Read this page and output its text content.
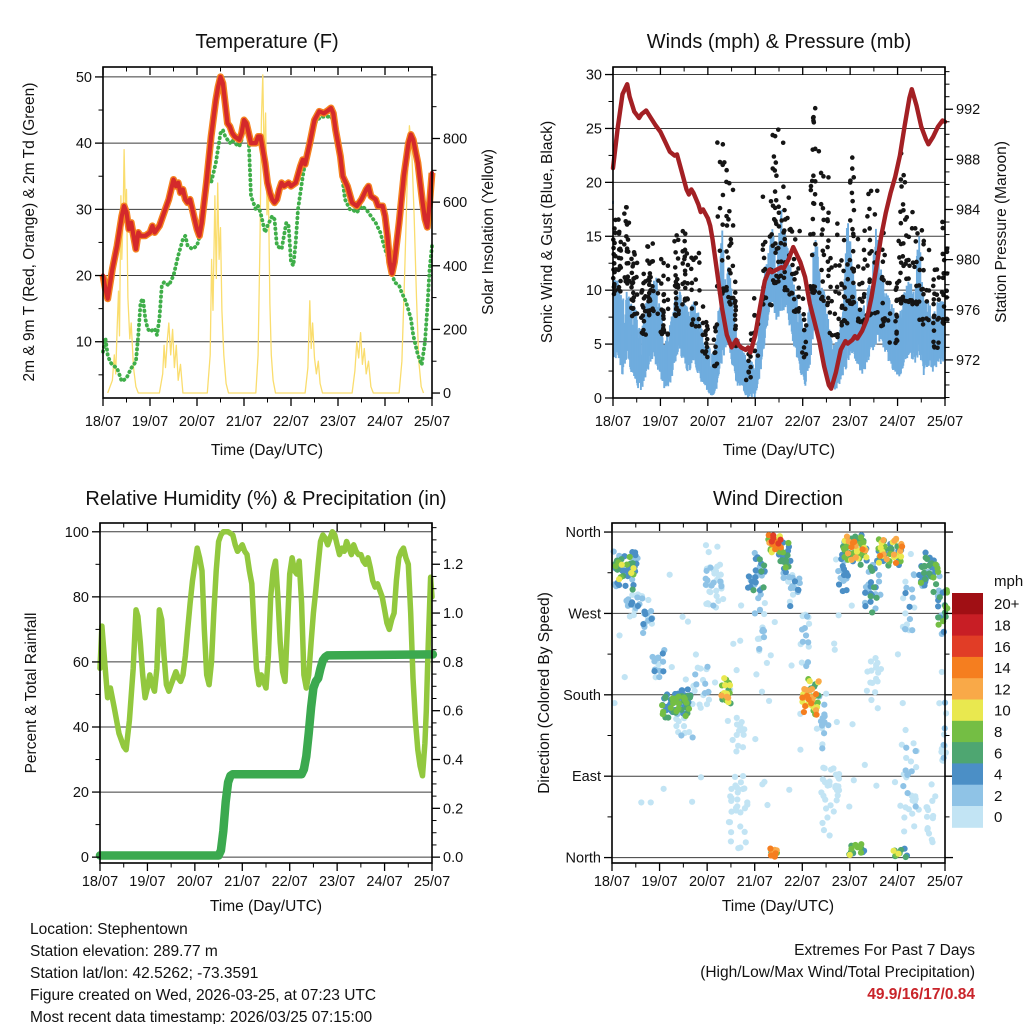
Temperature (F)
Time (Day/UTC)
2m & 9m T (Red, Orange) & 2m Td (Green)	Solar Insolation (Yellow)
18/07 19/07 20/07 21/07 22/07 23/07 24/07 25/07
10
20
30
40
50
0
200
400
600
800
Winds (mph) & Pressure (mb)
Time (Day/UTC)
Sonic Wind & Gust (Blue, Black)	Station Pressure (Maroon)
18/07 19/07 20/07 21/07 22/07 23/07 24/07 25/07
0
5
10
15
20
25
30
972
976
980
984
988
992
Relative Humidity (%) & Precipitation (in)
Time (Day/UTC)
Percent & Total Rainfall
18/07 19/07 20/07 21/07 22/07 23/07 24/07 25/07
0
20
40
60
80
100
0.0
0.2
0.4
0.6
0.8
1.0
1.2
Wind Direction
Time (Day/UTC)
Direction (Colored By Speed)
mph
18/07 19/07 20/07 21/07 22/07 23/07 24/07 25/07
North
East
South
West
North
20+
18
16
14
12
10
8
6
4
2
0
Location: Stephentown
Station elevation: 289.77 m
Station lat/lon: 42.5262; -73.3591
Figure created on Wed, 2026-03-25, at 07:23 UTC
Most recent data timestamp: 2026/03/25 07:15:00
Extremes For Past 7 Days
(High/Low/Max Wind/Total Precipitation)
49.9/16/17/0.84
